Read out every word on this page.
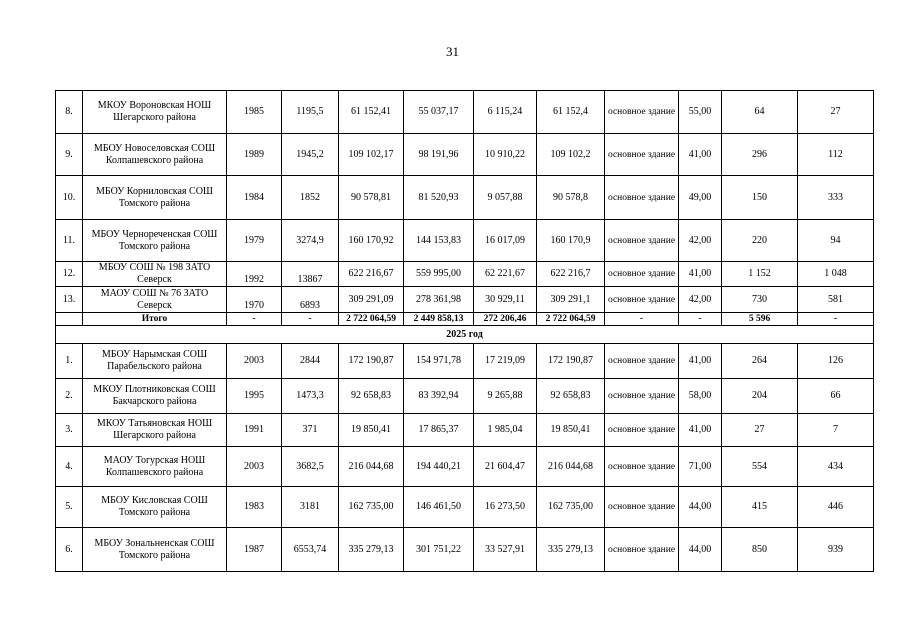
31
8.	МКОУ Вороновская НОШ Шегарского района	1985	1195,5	61 152,41	55 037,17	6 115,24	61 152,4	основное здание	55,00	64	27
9.	МБОУ Новоселовская СОШ Колпашевского района	1989	1945,2	109 102,17	98 191,96	10 910,22	109 102,2	основное здание	41,00	296	112
10.	МБОУ Корниловская СОШ Томского района	1984	1852	90 578,81	81 520,93	9 057,88	90 578,8	основное здание	49,00	150	333
11.	МБОУ Чернореченская СОШ Томского района	1979	3274,9	160 170,92	144 153,83	16 017,09	160 170,9	основное здание	42,00	220	94
12.	МБОУ СОШ № 198 ЗАТО Северск	1992	13867	622 216,67	559 995,00	62 221,67	622 216,7	основное здание	41,00	1 152	1 048
13.	МАОУ СОШ № 76 ЗАТО Северск	1970	6893	309 291,09	278 361,98	30 929,11	309 291,1	основное здание	42,00	730	581
	Итого	-	-	2 722 064,59	2 449 858,13	272 206,46	2 722 064,59	-	-	5 596	-
2025 год											
1.	МБОУ Нарымская СОШ Парабельского района	2003	2844	172 190,87	154 971,78	17 219,09	172 190,87	основное здание	41,00	264	126
2.	МКОУ Плотниковская СОШ Бакчарского района	1995	1473,3	92 658,83	83 392,94	9 265,88	92 658,83	основное здание	58,00	204	66
3.	МКОУ Татьяновская НОШ Шегарского района	1991	371	19 850,41	17 865,37	1 985,04	19 850,41	основное здание	41,00	27	7
4.	МАОУ Тогурская НОШ Колпашевского района	2003	3682,5	216 044,68	194 440,21	21 604,47	216 044,68	основное здание	71,00	554	434
5.	МБОУ Кисловская СОШ Томского района	1983	3181	162 735,00	146 461,50	16 273,50	162 735,00	основное здание	44,00	415	446
6.	МБОУ Зональненская СОШ Томского района	1987	6553,74	335 279,13	301 751,22	33 527,91	335 279,13	основное здание	44,00	850	939
